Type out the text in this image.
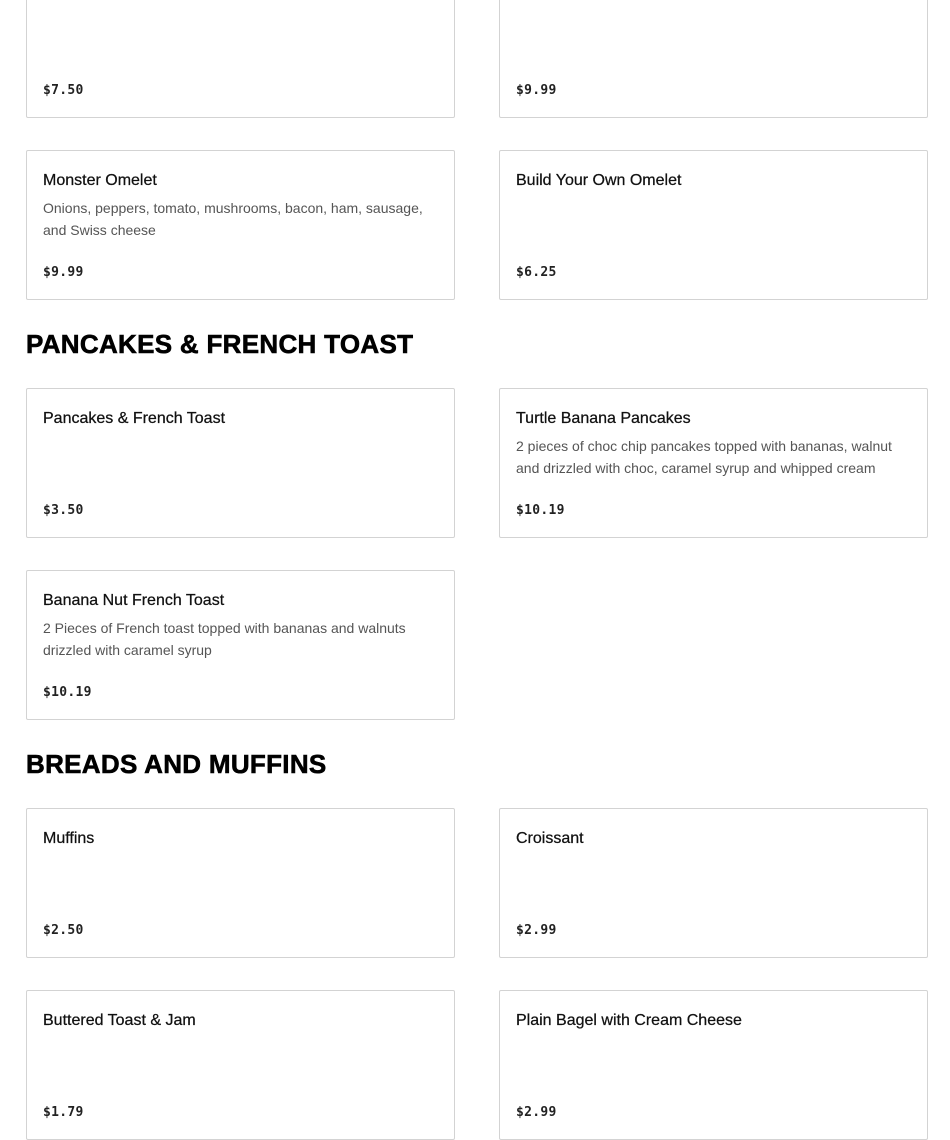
$7.50	$9.99
Monster Omelet
Onions, peppers, tomato, mushrooms, bacon, ham, sausage, and Swiss cheese
$9.99
Build Your Own Omelet
$6.25
PANCAKES & FRENCH TOAST
Pancakes & French Toast
$3.50
Turtle Banana Pancakes
2 pieces of choc chip pancakes topped with bananas, walnut and drizzled with choc, caramel syrup and whipped cream
$10.19
Banana Nut French Toast
2 Pieces of French toast topped with bananas and walnuts drizzled with caramel syrup
$10.19
BREADS AND MUFFINS
Muffins
$2.50
Croissant
$2.99
Buttered Toast & Jam
$1.79
Plain Bagel with Cream Cheese
$2.99
